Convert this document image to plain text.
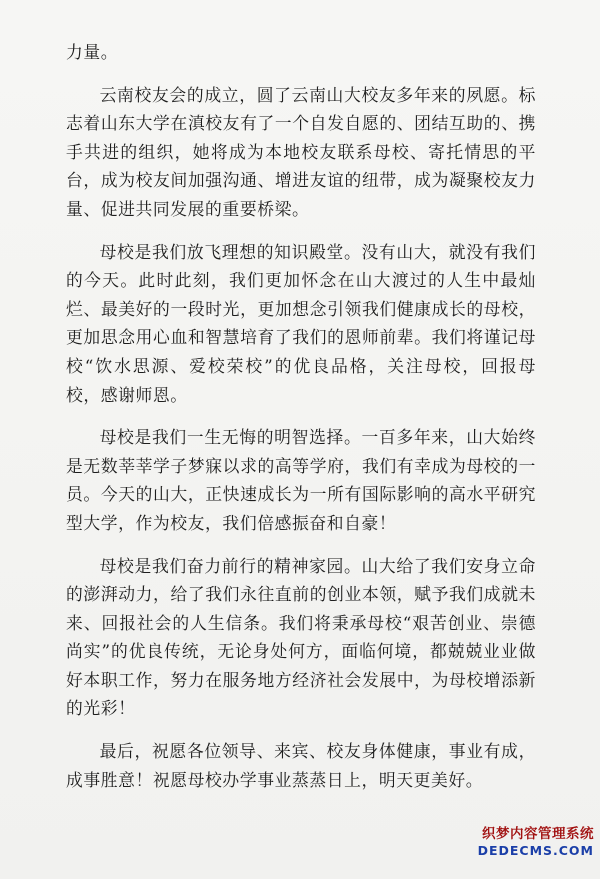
力量。

云南校友会的成立，圆了云南山大校友多年来的夙愿。标志着山东大学在滇校友有了一个自发自愿的、团结互助的、携手共进的组织，她将成为本地校友联系母校、寄托情思的平台，成为校友间加强沟通、增进友谊的纽带，成为凝聚校友力量、促进共同发展的重要桥梁。

母校是我们放飞理想的知识殿堂。没有山大，就没有我们的今天。此时此刻，我们更加怀念在山大渡过的人生中最灿烂、最美好的一段时光，更加想念引领我们健康成长的母校，更加思念用心血和智慧培育了我们的恩师前辈。我们将谨记母校“饮水思源、爱校荣校”的优良品格，关注母校，回报母校，感谢师恩。

母校是我们一生无悔的明智选择。一百多年来，山大始终是无数莘莘学子梦寐以求的高等学府，我们有幸成为母校的一员。今天的山大，正快速成长为一所有国际影响的高水平研究型大学，作为校友，我们倍感振奋和自豪！

母校是我们奋力前行的精神家园。山大给了我们安身立命的澎湃动力，给了我们永往直前的创业本领，赋予我们成就未来、回报社会的人生信条。我们将秉承母校“艰苦创业、崇德尚实”的优良传统，无论身处何方，面临何境，都兢兢业业做好本职工作，努力在服务地方经济社会发展中，为母校增添新的光彩！

最后，祝愿各位领导、来宾、校友身体健康，事业有成，成事胜意！祝愿母校办学事业蒸蒸日上，明天更美好。

织梦内容管理系统
DEDECMS.COM
